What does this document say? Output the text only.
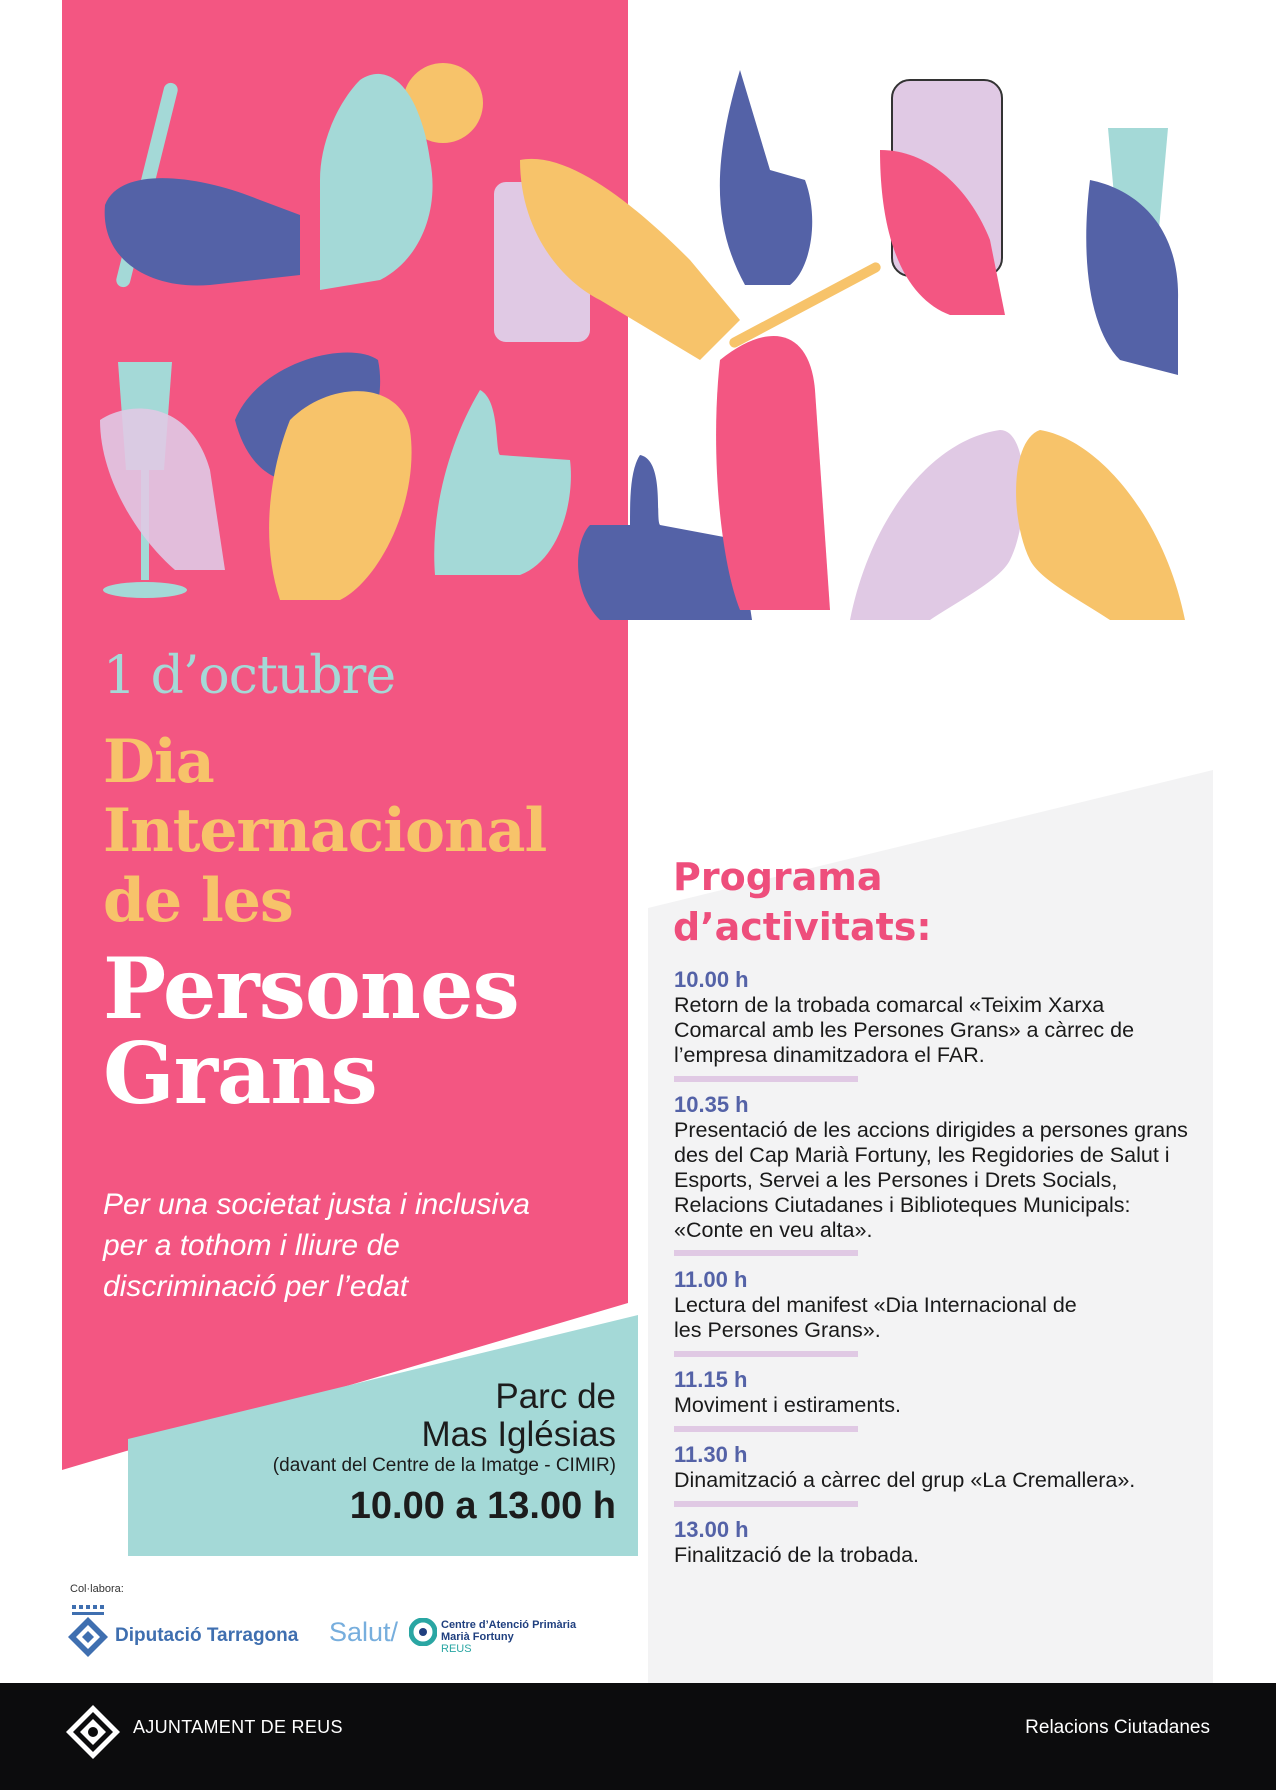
1 d’octubre
Dia
Internacional
de les
Persones
Grans
Per una societat justa i inclusiva per a tothom i lliure de discriminació per l’edat
Parc de
Mas Iglésias
(davant del Centre de la Imatge - CIMIR)
10.00 a 13.00 h
Programa
d’activitats:
10.00 h
Retorn de la trobada comarcal «Teixim Xarxa Comarcal amb les Persones Grans» a càrrec de l’empresa dinamitzadora el FAR.
10.35 h
Presentació de les accions dirigides a persones grans des del Cap Marià Fortuny, les Regidories de Salut i Esports, Servei a les Persones i Drets Socials, Relacions Ciutadanes i Biblioteques Municipals: «Conte en veu alta».
11.00 h
Lectura del manifest «Dia Internacional de les Persones Grans».
11.15 h
Moviment i estiraments.
11.30 h
Dinamització a càrrec del grup «La Cremallera».
13.00 h
Finalització de la trobada.
Col·labora:
Diputació Tarragona Salut/	Centre d’Atenció Primària
Marià Fortuny
REUS
AJUNTAMENT DE REUS	Relacions Ciutadanes
